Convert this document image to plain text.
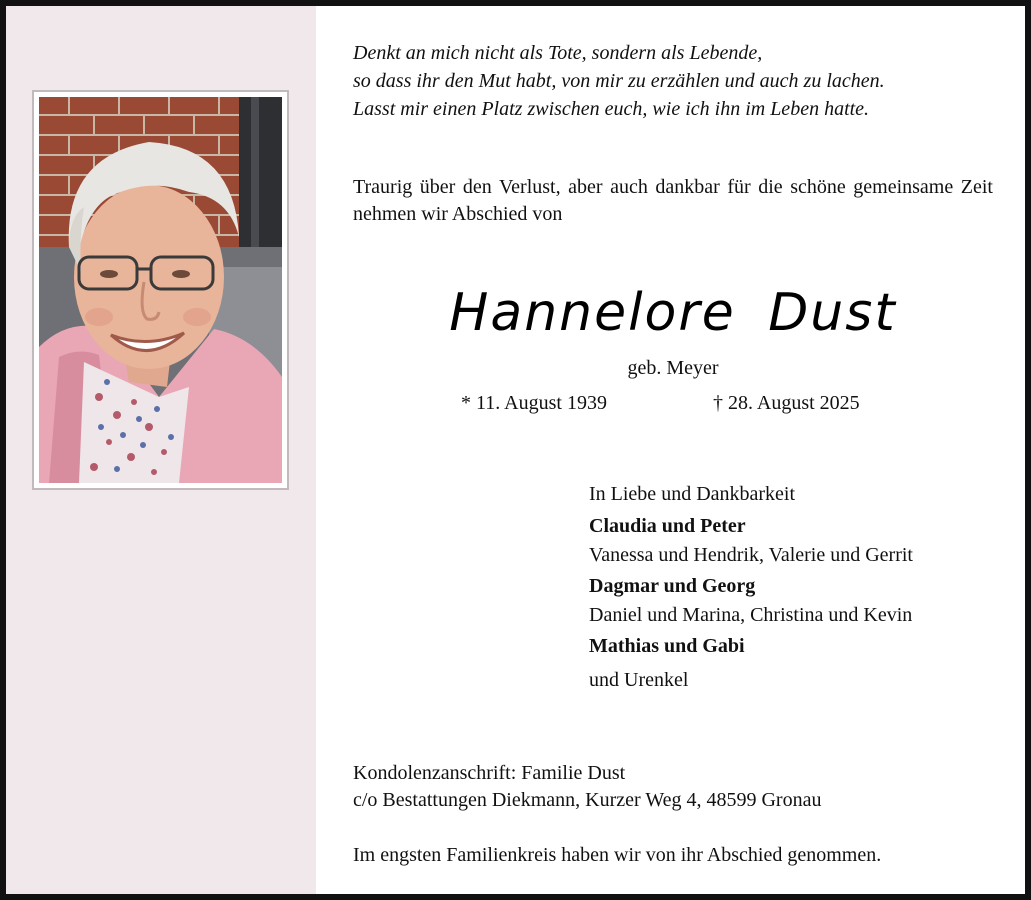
Denkt an mich nicht als Tote, sondern als Lebende,
so dass ihr den Mut habt, von mir zu erzählen und auch zu lachen.
Lasst mir einen Platz zwischen euch, wie ich ihn im Leben hatte.
Traurig über den Verlust, aber auch dankbar für die schöne gemeinsame Zeit nehmen wir Abschied von
Hannelore Dust
geb. Meyer
* 11. August 1939	† 28. August 2025
In Liebe und Dankbarkeit
Claudia und Peter
Vanessa und Hendrik, Valerie und Gerrit
Dagmar und Georg
Daniel und Marina, Christina und Kevin
Mathias und Gabi
und Urenkel
Kondolenzanschrift: Familie Dust
c/o Bestattungen Diekmann, Kurzer Weg 4, 48599 Gronau
Im engsten Familienkreis haben wir von ihr Abschied genommen.
